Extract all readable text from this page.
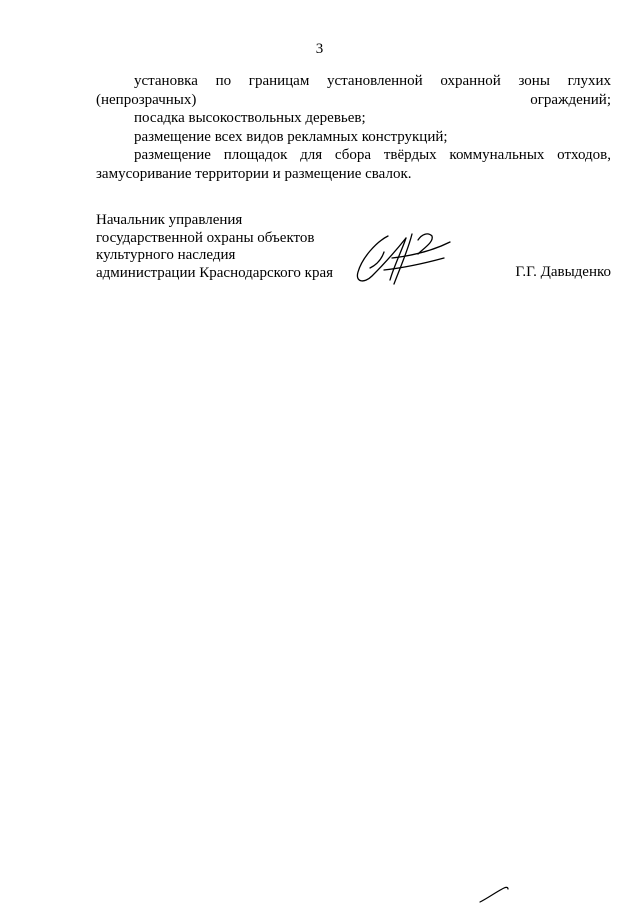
3

установка по границам установленной охранной зоны глухих (непрозрачных) ограждений;

посадка высокоствольных деревьев;

размещение всех видов рекламных конструкций;

размещение площадок для сбора твёрдых коммунальных отходов, замусоривание территории и размещение свалок.

Начальник управления
государственной охраны объектов
культурного наследия
администрации Краснодарского края	Г.Г. Давыденко
